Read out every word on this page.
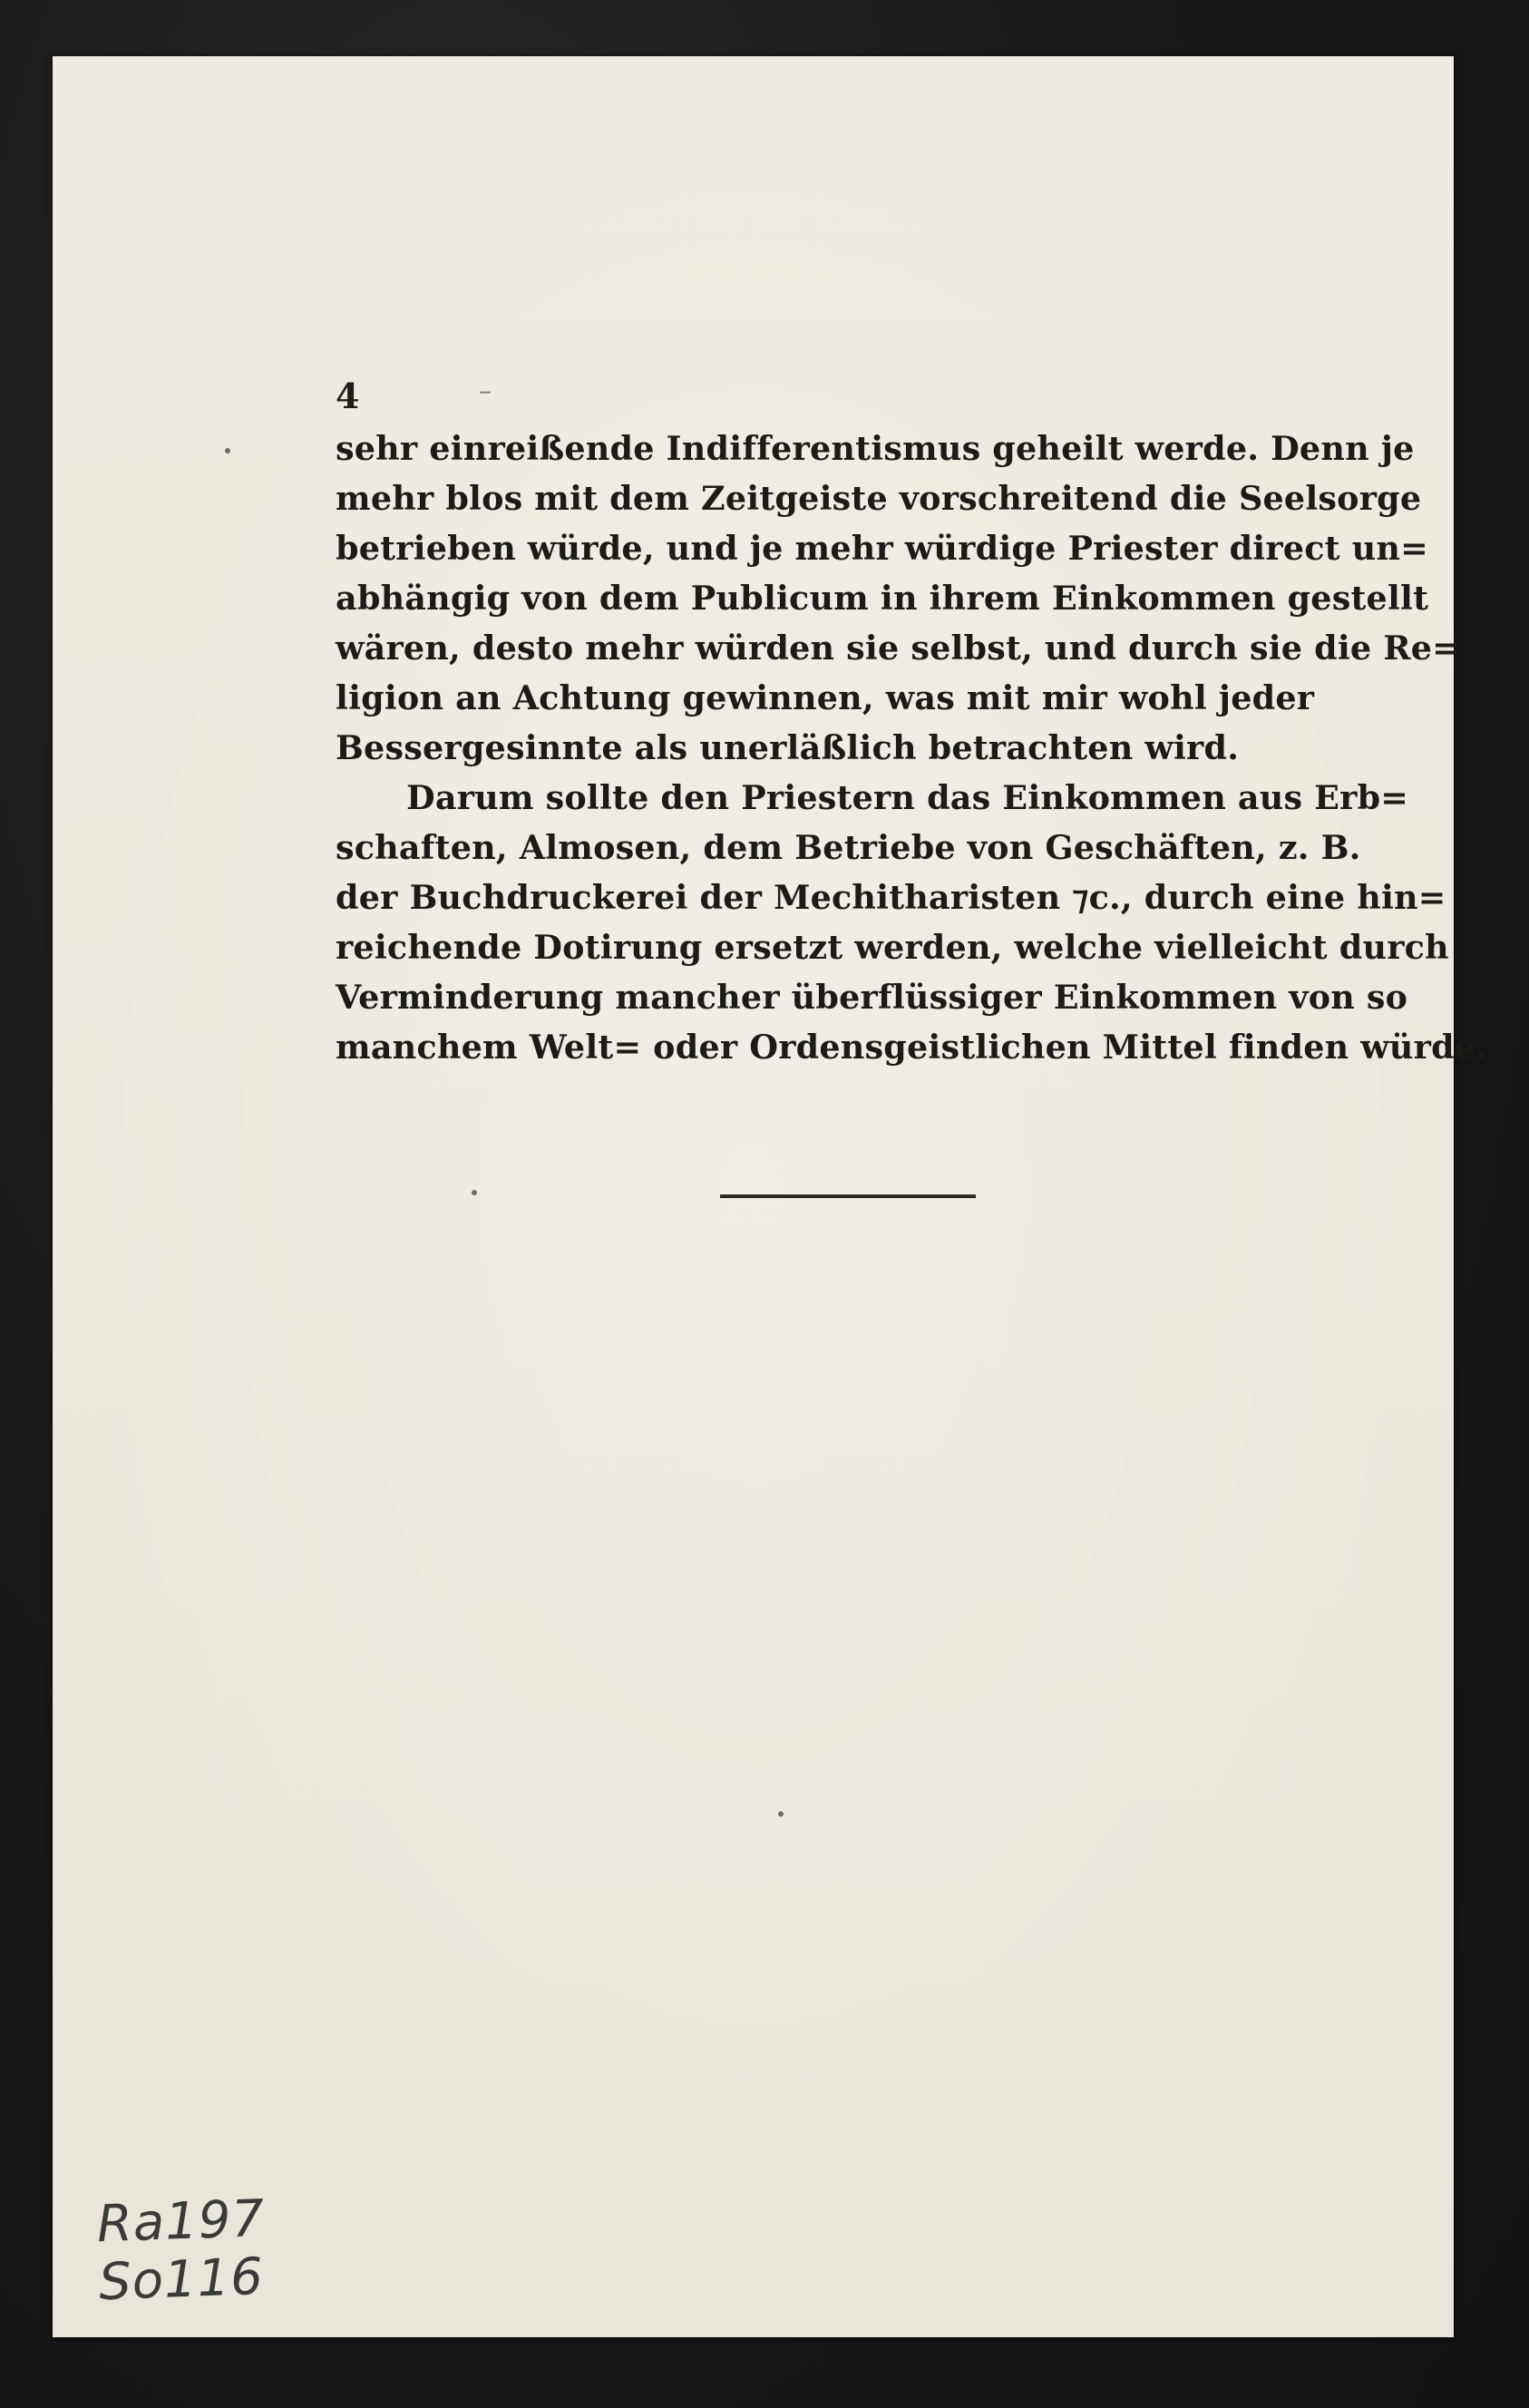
4	–
sehr einreißende Indifferentismus geheilt werde. Denn je
mehr blos mit dem Zeitgeiste vorschreitend die Seelsorge
betrieben würde, und je mehr würdige Priester direct un=
abhängig von dem Publicum in ihrem Einkommen gestellt
wären, desto mehr würden sie selbst, und durch sie die Re=
ligion an Achtung gewinnen, was mit mir wohl jeder
Bessergesinnte als unerläßlich betrachten wird.
Darum sollte den Priestern das Einkommen aus Erb=
schaften, Almosen, dem Betriebe von Geschäften, z. B.
der Buchdruckerei der Mechitharisten ⁊c., durch eine hin=
reichende Dotirung ersetzt werden, welche vielleicht durch
Verminderung mancher überflüssiger Einkommen von so
manchem Welt= oder Ordensgeistlichen Mittel finden würde.
Ra197
So116
